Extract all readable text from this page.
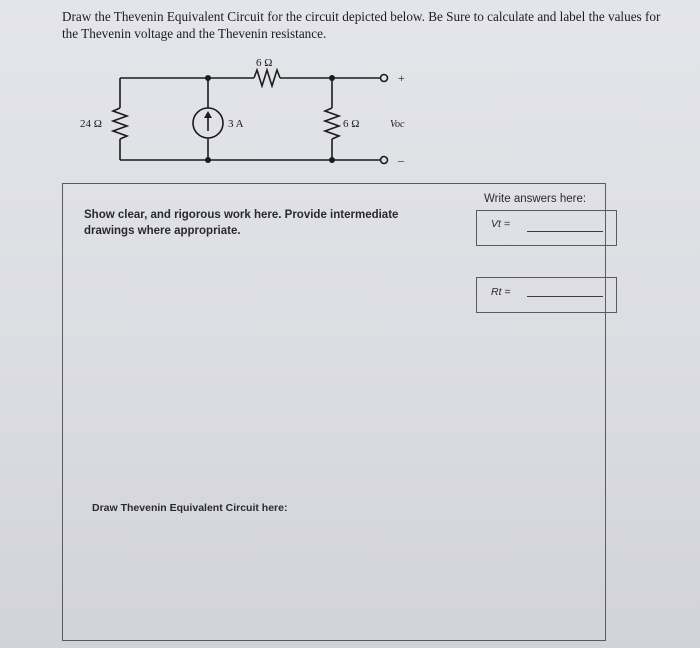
Draw the Thevenin Equivalent Circuit for the circuit depicted below. Be Sure to calculate and label the values for the Thevenin voltage and the Thevenin resistance.
6 Ω
24 Ω	3 A	6 Ω	Voc
+
–
Show clear, and rigorous work here. Provide intermediate drawings where appropriate.
Write answers here:
Vt =
Rt =
Draw Thevenin Equivalent Circuit here:
